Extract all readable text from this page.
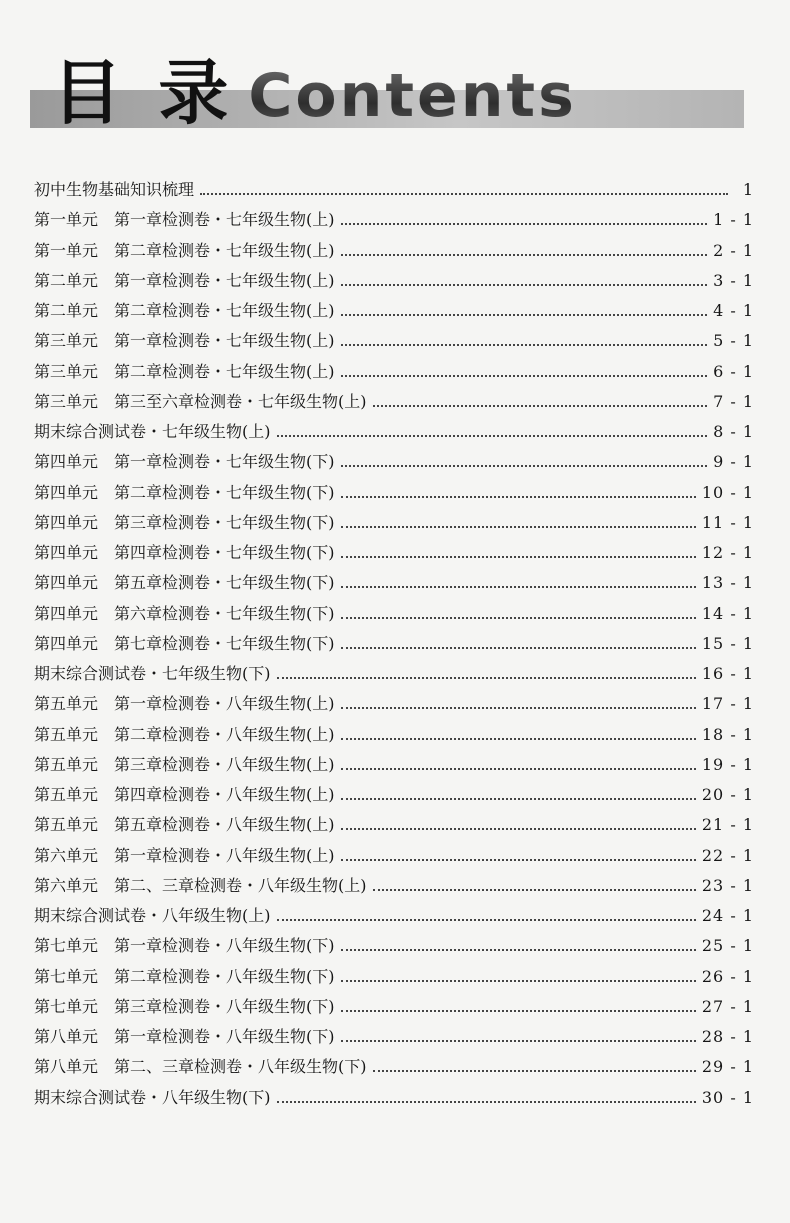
目 录 Contents
初中生物基础知识梳理	1
第一单元　第一章检测卷・七年级生物(上)	1 - 1
第一单元　第二章检测卷・七年级生物(上)	2 - 1
第二单元　第一章检测卷・七年级生物(上)	3 - 1
第二单元　第二章检测卷・七年级生物(上)	4 - 1
第三单元　第一章检测卷・七年级生物(上)	5 - 1
第三单元　第二章检测卷・七年级生物(上)	6 - 1
第三单元　第三至六章检测卷・七年级生物(上)	7 - 1
期末综合测试卷・七年级生物(上)	8 - 1
第四单元　第一章检测卷・七年级生物(下)	9 - 1
第四单元　第二章检测卷・七年级生物(下)	10 - 1
第四单元　第三章检测卷・七年级生物(下)	11 - 1
第四单元　第四章检测卷・七年级生物(下)	12 - 1
第四单元　第五章检测卷・七年级生物(下)	13 - 1
第四单元　第六章检测卷・七年级生物(下)	14 - 1
第四单元　第七章检测卷・七年级生物(下)	15 - 1
期末综合测试卷・七年级生物(下)	16 - 1
第五单元　第一章检测卷・八年级生物(上)	17 - 1
第五单元　第二章检测卷・八年级生物(上)	18 - 1
第五单元　第三章检测卷・八年级生物(上)	19 - 1
第五单元　第四章检测卷・八年级生物(上)	20 - 1
第五单元　第五章检测卷・八年级生物(上)	21 - 1
第六单元　第一章检测卷・八年级生物(上)	22 - 1
第六单元　第二、三章检测卷・八年级生物(上)	23 - 1
期末综合测试卷・八年级生物(上)	24 - 1
第七单元　第一章检测卷・八年级生物(下)	25 - 1
第七单元　第二章检测卷・八年级生物(下)	26 - 1
第七单元　第三章检测卷・八年级生物(下)	27 - 1
第八单元　第一章检测卷・八年级生物(下)	28 - 1
第八单元　第二、三章检测卷・八年级生物(下)	29 - 1
期末综合测试卷・八年级生物(下)	30 - 1
